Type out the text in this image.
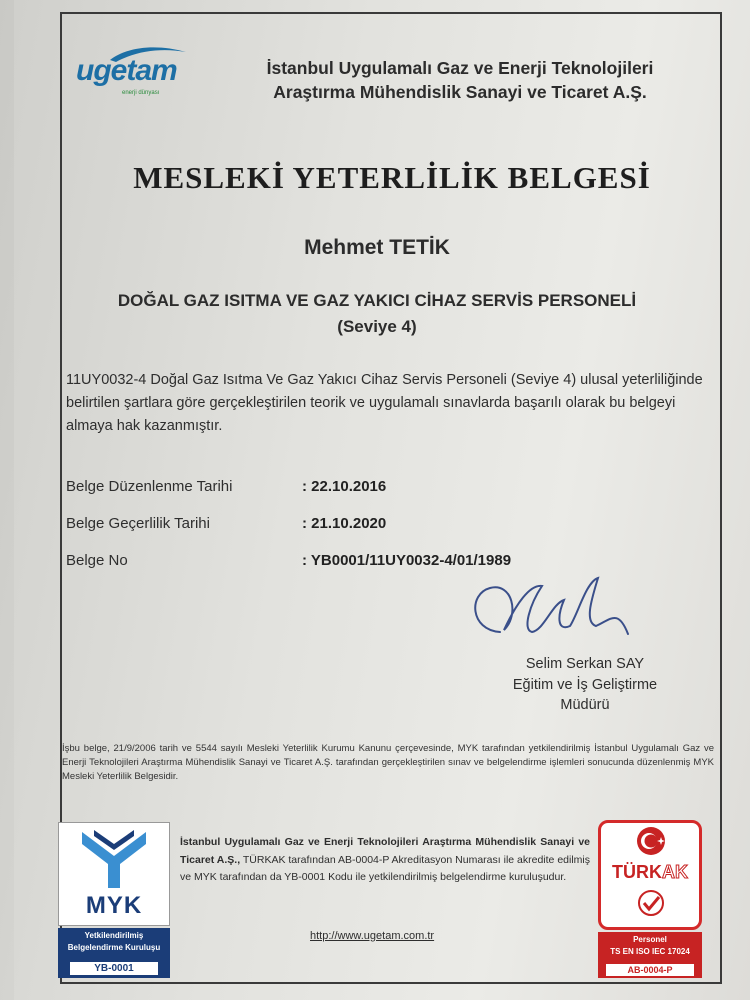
ugetam
enerji dünyası
İstanbul Uygulamalı Gaz ve Enerji Teknolojileri
Araştırma Mühendislik Sanayi ve Ticaret A.Ş.
MESLEKİ YETERLİLİK BELGESİ
Mehmet TETİK
DOĞAL GAZ ISITMA VE GAZ YAKICI CİHAZ SERVİS PERSONELİ
(Seviye 4)
11UY0032-4 Doğal Gaz Isıtma Ve Gaz Yakıcı Cihaz Servis Personeli (Seviye 4) ulusal yeterliliğinde belirtilen şartlara göre gerçekleştirilen teorik ve uygulamalı sınavlarda başarılı olarak bu belgeyi almaya hak kazanmıştır.
Belge Düzenlenme Tarihi	: 22.10.2016
Belge Geçerlilik Tarihi	: 21.10.2020
Belge No	: YB0001/11UY0032-4/01/1989
Selim Serkan SAY
Eğitim ve İş Geliştirme
Müdürü
İşbu belge, 21/9/2006 tarih ve 5544 sayılı Mesleki Yeterlilik Kurumu Kanunu çerçevesinde, MYK tarafından yetkilendirilmiş İstanbul Uygulamalı Gaz ve Enerji Teknolojileri Araştırma Mühendislik Sanayi ve Ticaret A.Ş. tarafından gerçekleştirilen sınav ve belgelendirme işlemleri sonucunda düzenlenmiş MYK Mesleki Yeterlilik Belgesidir.
MYK
Yetkilendirilmiş
Belgelendirme Kuruluşu
YB-0001
İstanbul Uygulamalı Gaz ve Enerji Teknolojileri Araştırma Mühendislik Sanayi ve Ticaret A.Ş., TÜRKAK tarafından AB-0004-P Akreditasyon Numarası ile akredite edilmiş ve MYK tarafından da YB-0001 Kodu ile yetkilendirilmiş belgelendirme kuruluşudur.
http://www.ugetam.com.tr
TÜRKAK
Personel
TS EN ISO IEC 17024
AB-0004-P
